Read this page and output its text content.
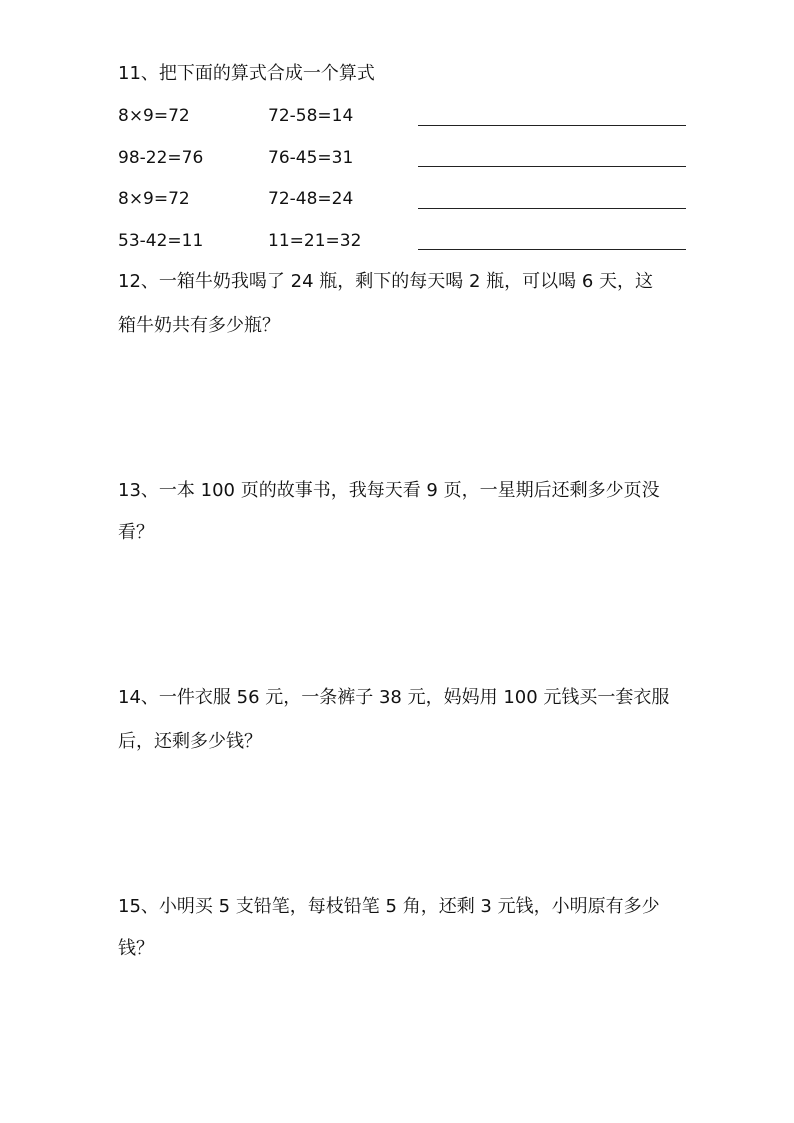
11、把下面的算式合成一个算式
8×9=72	72-58=14
98-22=76	76-45=31
8×9=72	72-48=24
53-42=11	11=21=32
12、一箱牛奶我喝了 24 瓶，剩下的每天喝 2 瓶，可以喝 6 天，这
箱牛奶共有多少瓶？
13、一本 100 页的故事书，我每天看 9 页，一星期后还剩多少页没
看？
14、一件衣服 56 元，一条裤子 38 元，妈妈用 100 元钱买一套衣服
后，还剩多少钱？
15、小明买 5 支铅笔，每枝铅笔 5 角，还剩 3 元钱，小明原有多少
钱？
